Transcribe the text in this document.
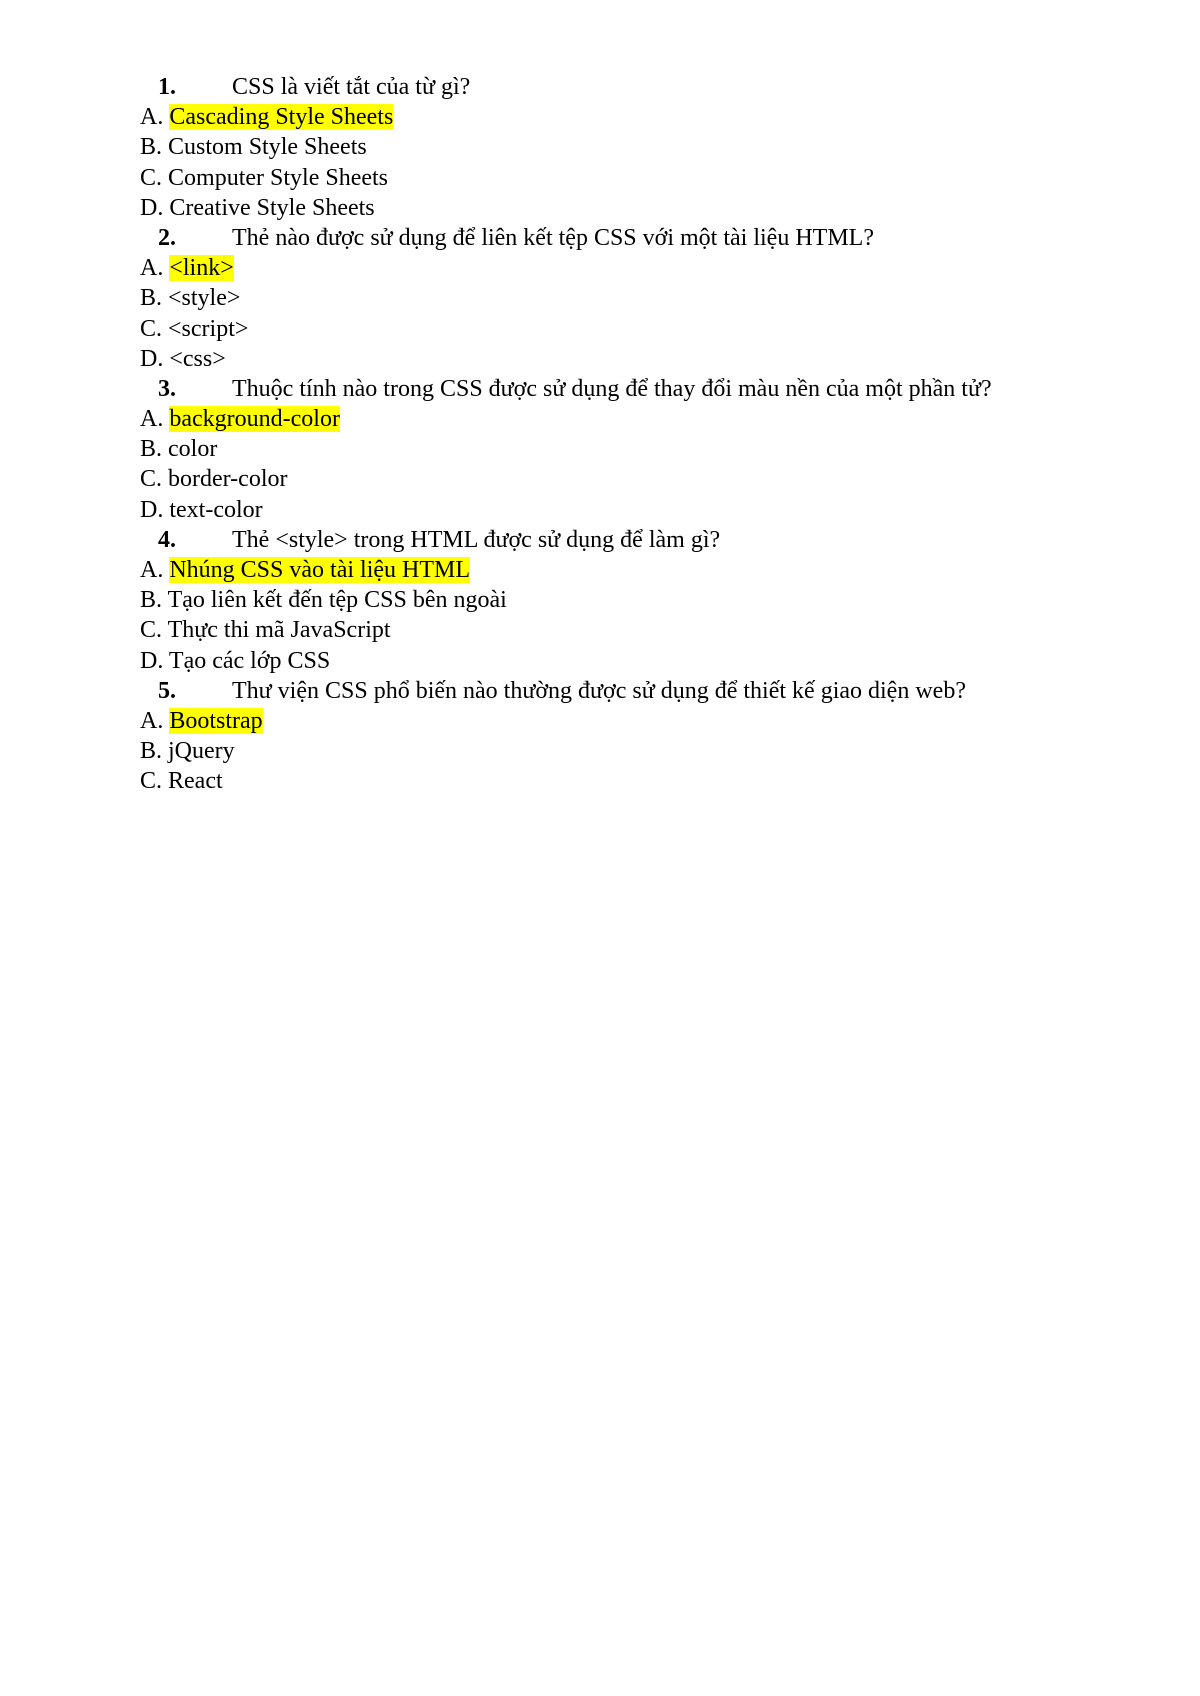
1. CSS là viết tắt của từ gì?
A. Cascading Style Sheets
B. Custom Style Sheets
C. Computer Style Sheets
D. Creative Style Sheets
2. Thẻ nào được sử dụng để liên kết tệp CSS với một tài liệu HTML?
A. <link>
B. <style>
C. <script>
D. <css>
3. Thuộc tính nào trong CSS được sử dụng để thay đổi màu nền của một phần tử?
A. background-color
B. color
C. border-color
D. text-color
4. Thẻ <style> trong HTML được sử dụng để làm gì?
A. Nhúng CSS vào tài liệu HTML
B. Tạo liên kết đến tệp CSS bên ngoài
C. Thực thi mã JavaScript
D. Tạo các lớp CSS
5. Thư viện CSS phổ biến nào thường được sử dụng để thiết kế giao diện web?
A. Bootstrap
B. jQuery
C. React
